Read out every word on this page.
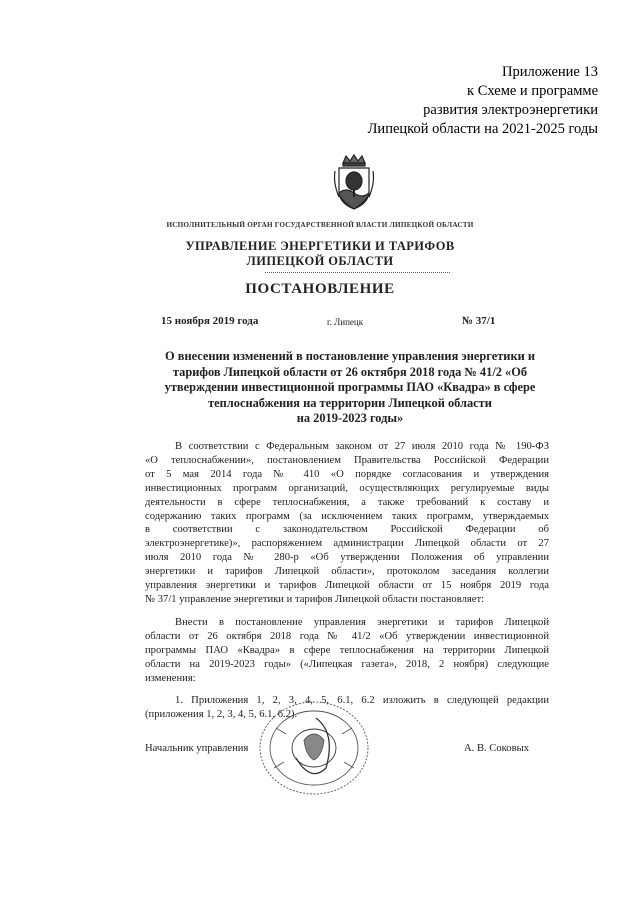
Приложение 13
к Схеме и программе
развития электроэнергетики
Липецкой области на 2021-2025 годы
ИСПОЛНИТЕЛЬНЫЙ ОРГАН ГОСУДАРСТВЕННОЙ ВЛАСТИ ЛИПЕЦКОЙ ОБЛАСТИ
УПРАВЛЕНИЕ ЭНЕРГЕТИКИ И ТАРИФОВ
ЛИПЕЦКОЙ ОБЛАСТИ
ПОСТАНОВЛЕНИЕ
15 ноября 2019 года	г. Липецк	№ 37/1
О внесении изменений в постановление управления энергетики и
тарифов Липецкой области от 26 октября 2018 года № 41/2 «Об
утверждении инвестиционной программы ПАО «Квадра» в сфере
теплоснабжения на территории Липецкой области
на 2019-2023 годы»
В соответствии с Федеральным законом от 27 июля 2010 года № 190-ФЗ
«О теплоснабжении», постановлением Правительства Российской Федерации
от 5 мая 2014 года № 410 «О порядке согласования и утверждения
инвестиционных программ организаций, осуществляющих регулируемые виды
деятельности в сфере теплоснабжения, а также требований к составу и
содержанию таких программ (за исключением таких программ, утверждаемых
в соответствии с законодательством Российской Федерации об
электроэнергетике)», распоряжением администрации Липецкой области от 27
июля 2010 года № 280-р «Об утверждении Положения об управлении
энергетики и тарифов Липецкой области», протоколом заседания коллегии
управления энергетики и тарифов Липецкой области от 15 ноября 2019 года
№ 37/1 управление энергетики и тарифов Липецкой области постановляет:
Внести в постановление управления энергетики и тарифов Липецкой
области от 26 октября 2018 года № 41/2 «Об утверждении инвестиционной
программы ПАО «Квадра» в сфере теплоснабжения на территории Липецкой
области на 2019-2023 годы» («Липецкая газета», 2018, 2 ноября) следующие
изменения:
1. Приложения 1, 2, 3, 4, 5, 6.1, 6.2 изложить в следующей редакции
(приложения 1, 2, 3, 4, 5, 6.1, 6.2).
Начальник управления	А. В. Соковых
